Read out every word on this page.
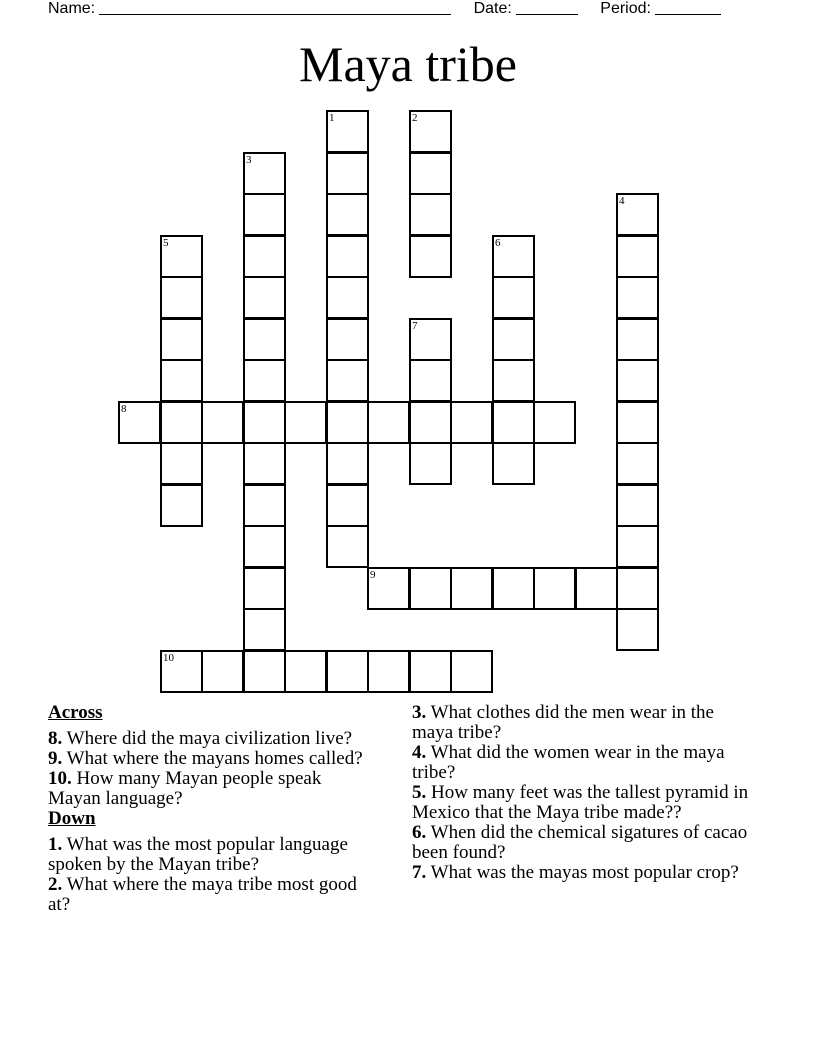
Name:	Date:	Period:
Maya tribe
1	2
3
4
5	6
7
8
9
10
Across
8. Where did the maya civilization live?
9. What where the mayans homes called?
10. How many Mayan people speak Mayan language?
Down
1. What was the most popular language spoken by the Mayan tribe?
2. What where the maya tribe most good at?
3. What clothes did the men wear in the maya tribe?
4. What did the women wear in the maya tribe?
5. How many feet was the tallest pyramid in Mexico that the Maya tribe made??
6. When did the chemical sigatures of cacao been found?
7. What was the mayas most popular crop?
